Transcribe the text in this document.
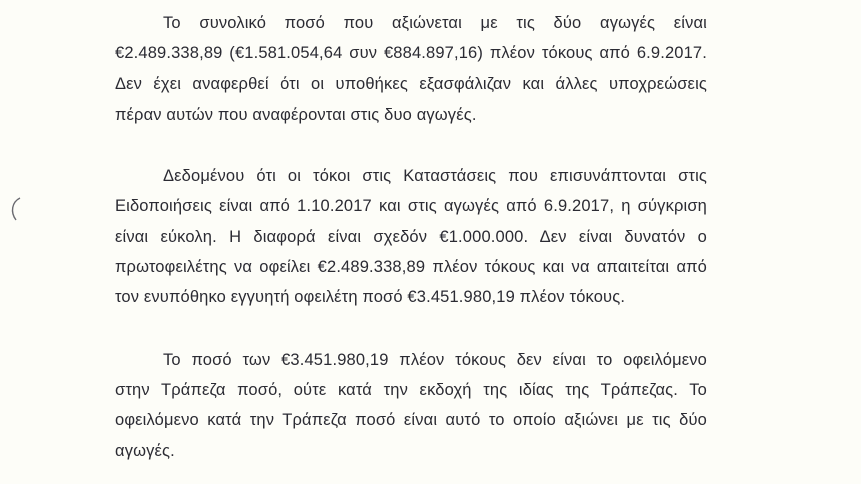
Το συνολικό ποσό που αξιώνεται με τις δύο αγωγές είναι
€2.489.338,89 (€1.581.054,64 συν €884.897,16) πλέον τόκους από 6.9.2017.
Δεν έχει αναφερθεί ότι οι υποθήκες εξασφάλιζαν και άλλες υποχρεώσεις
πέραν αυτών που αναφέρονται στις δυο αγωγές.
Δεδομένου ότι οι τόκοι στις Καταστάσεις που επισυνάπτονται στις
Ειδοποιήσεις είναι από 1.10.2017 και στις αγωγές από 6.9.2017, η σύγκριση
είναι εύκολη. Η διαφορά είναι σχεδόν €1.000.000. Δεν είναι δυνατόν ο
πρωτοφειλέτης να οφείλει €2.489.338,89 πλέον τόκους και να απαιτείται από
τον ενυπόθηκο εγγυητή οφειλέτη ποσό €3.451.980,19 πλέον τόκους.
Το ποσό των €3.451.980,19 πλέον τόκους δεν είναι το οφειλόμενο
στην Τράπεζα ποσό, ούτε κατά την εκδοχή της ιδίας της Τράπεζας. Το
οφειλόμενο κατά την Τράπεζα ποσό είναι αυτό το οποίο αξιώνει με τις δύο
αγωγές.
